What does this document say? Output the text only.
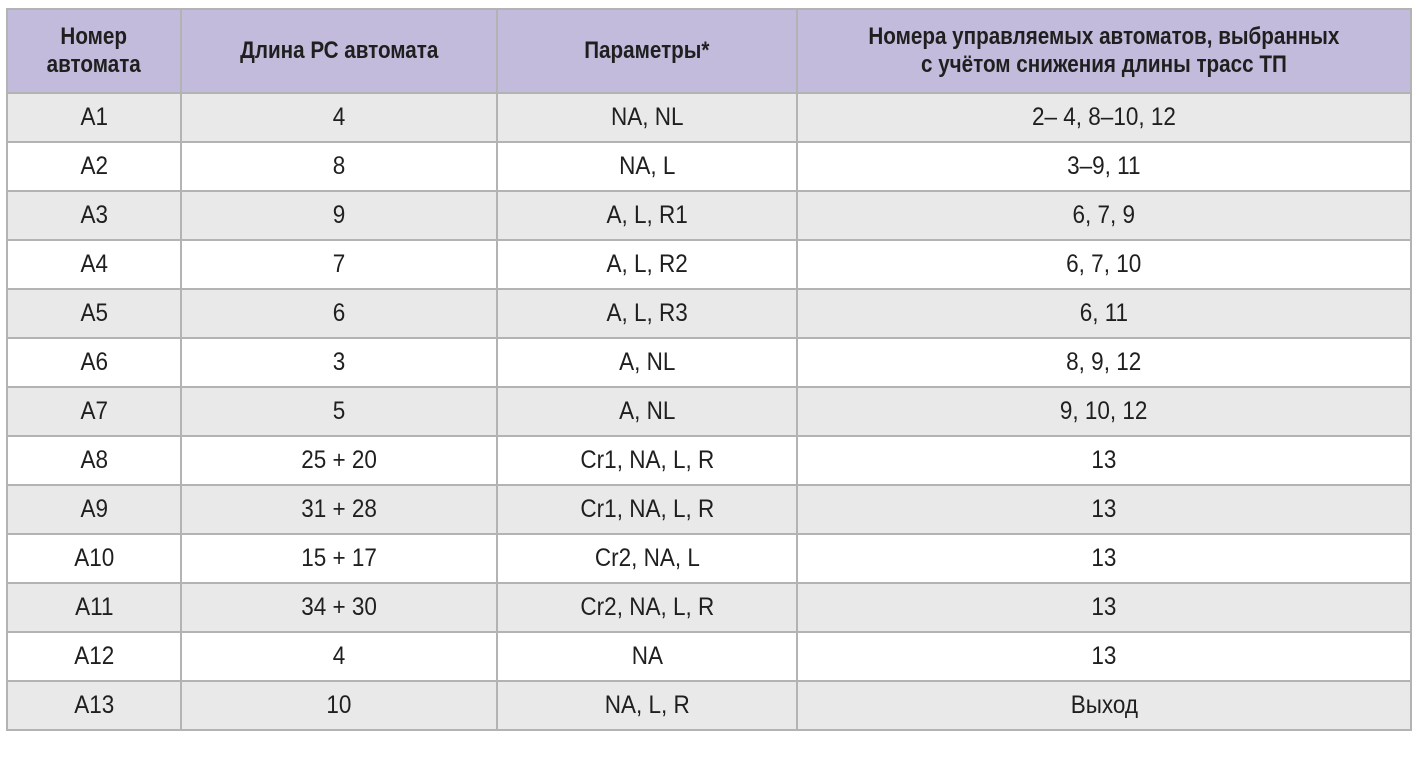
Номер
автомата	Длина РС автомата	Параметры*	Номера управляемых автоматов, выбранных
с учётом снижения длины трасс ТП
A1	4	NA, NL	2– 4, 8–10, 12
A2	8	NA, L	3–9, 11
A3	9	A, L, R1	6, 7, 9
A4	7	A, L, R2	6, 7, 10
A5	6	A, L, R3	6, 11
A6	3	A, NL	8, 9, 12
A7	5	A, NL	9, 10, 12
A8	25 + 20	Cr1, NA, L, R	13
A9	31 + 28	Cr1, NA, L, R	13
A10	15 + 17	Cr2, NA, L	13
A11	34 + 30	Cr2, NA, L, R	13
A12	4	NA	13
A13	10	NA, L, R	Выход
